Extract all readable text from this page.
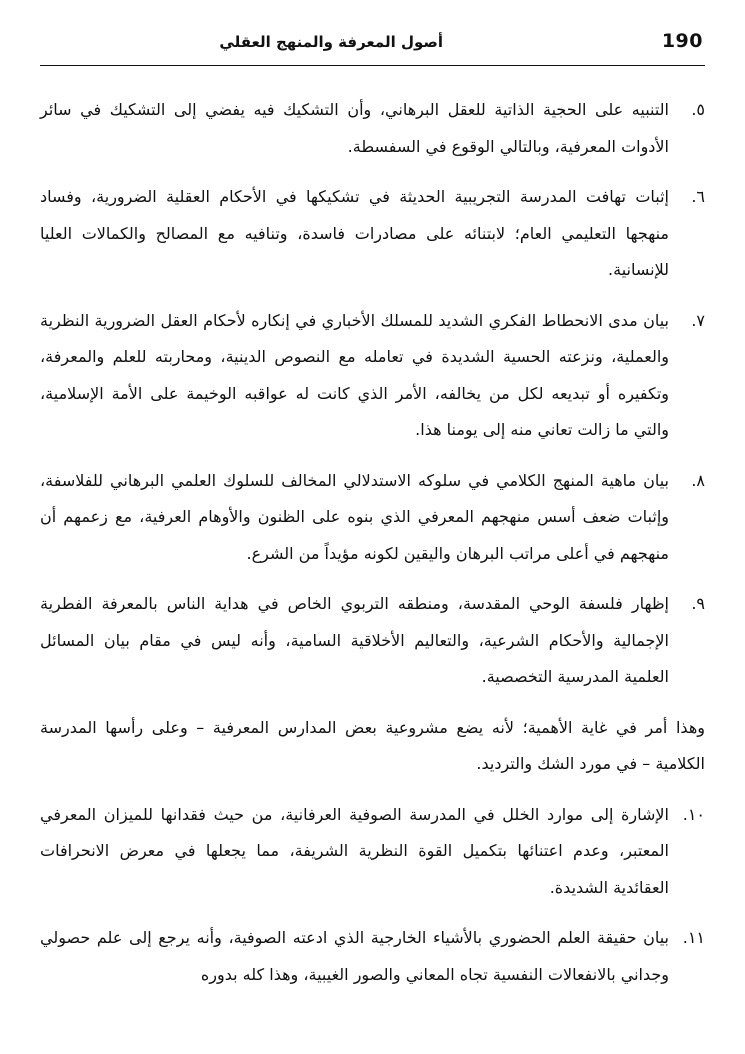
أصول المعرفة والمنهج العقلي	190
٥.
التنبيه على الحجية الذاتية للعقل البرهاني، وأن التشكيك فيه يفضي إلى التشكيك في سائر الأدوات المعرفية، وبالتالي الوقوع في السفسطة.
٦.
إثبات تهافت المدرسة التجريبية الحديثة في تشكيكها في الأحكام العقلية الضرورية، وفساد منهجها التعليمي العام؛ لابتنائه على مصادرات فاسدة، وتنافيه مع المصالح والكمالات العليا للإنسانية.
٧.
بيان مدى الانحطاط الفكري الشديد للمسلك الأخباري في إنكاره لأحكام العقل الضرورية النظرية والعملية، ونزعته الحسية الشديدة في تعامله مع النصوص الدينية، ومحاربته للعلم والمعرفة، وتكفيره أو تبديعه لكل من يخالفه، الأمر الذي كانت له عواقبه الوخيمة على الأمة الإسلامية، والتي ما زالت تعاني منه إلى يومنا هذا.
٨.
بيان ماهية المنهج الكلامي في سلوكه الاستدلالي المخالف للسلوك العلمي البرهاني للفلاسفة، وإثبات ضعف أسس منهجهم المعرفي الذي بنوه على الظنون والأوهام العرفية، مع زعمهم أن منهجهم في أعلى مراتب البرهان واليقين لكونه مؤيداً من الشرع.
٩.
إظهار فلسفة الوحي المقدسة، ومنطقه التربوي الخاص في هداية الناس بالمعرفة الفطرية الإجمالية والأحكام الشرعية، والتعاليم الأخلاقية السامية، وأنه ليس في مقام بيان المسائل العلمية المدرسية التخصصية.

وهذا أمر في غاية الأهمية؛ لأنه يضع مشروعية بعض المدارس المعرفية – وعلى رأسها المدرسة الكلامية – في مورد الشك والترديد.

١٠.
الإشارة إلى موارد الخلل في المدرسة الصوفية العرفانية، من حيث فقدانها للميزان المعرفي المعتبر، وعدم اعتنائها بتكميل القوة النظرية الشريفة، مما يجعلها في معرض الانحرافات العقائدية الشديدة.
١١.
بيان حقيقة العلم الحضوري بالأشياء الخارجية الذي ادعته الصوفية، وأنه يرجع إلى علم حصولي وجداني بالانفعالات النفسية تجاه المعاني والصور الغيبية، وهذا كله بدوره
